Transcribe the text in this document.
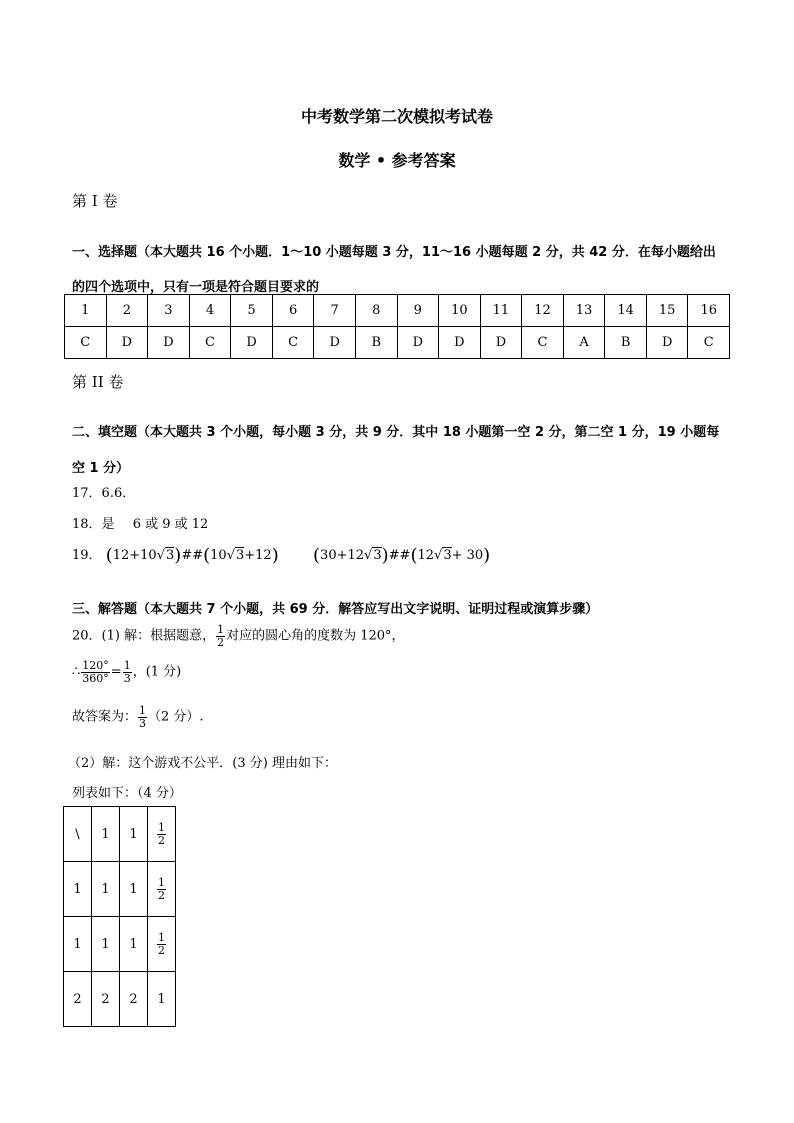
中考数学第二次模拟考试卷
数学 • 参考答案
第 I 卷
一、选择题（本大题共 16 个小题．1～10 小题每题 3 分，11～16 小题每题 2 分，共 42 分．在每小题给出
的四个选项中，只有一项是符合题目要求的
1	2	3	4	5	6	7	8	9	10	11	12	13	14	15	16
C	D	D	C	D	C	D	B	D	D	D	C	A	B	D	C
第 II 卷
二、填空题（本大题共 3 个小题，每小题 3 分，共 9 分．其中 18 小题第一空 2 分，第二空 1 分，19 小题每
空 1 分）
17．6.6．
18．是 6 或 9 或 12
19． (12+10√3)##(10√3+12) (30+12√3)##(12√3+ 30)
三、解答题（本大题共 7 个小题，共 69 分．解答应写出文字说明、证明过程或演算步骤）
20．(1) 解：根据题意， $\frac{1}{2}$ 对应的圆心角的度数为 120°，
∴ $\frac{120^\circ}{360^\circ} = \frac{1}{3}$ ，(1 分)
故答案为： $\frac{1}{3} (2$ 分）.
（2）解：这个游戏不公平．(3 分) 理由如下：
列表如下：（4 分）
\	1	1	$\frac{1}{2}$

1	1	1	$\frac{1}{2}$

1	1	1	$\frac{1}{2}$

2	2	2	1
